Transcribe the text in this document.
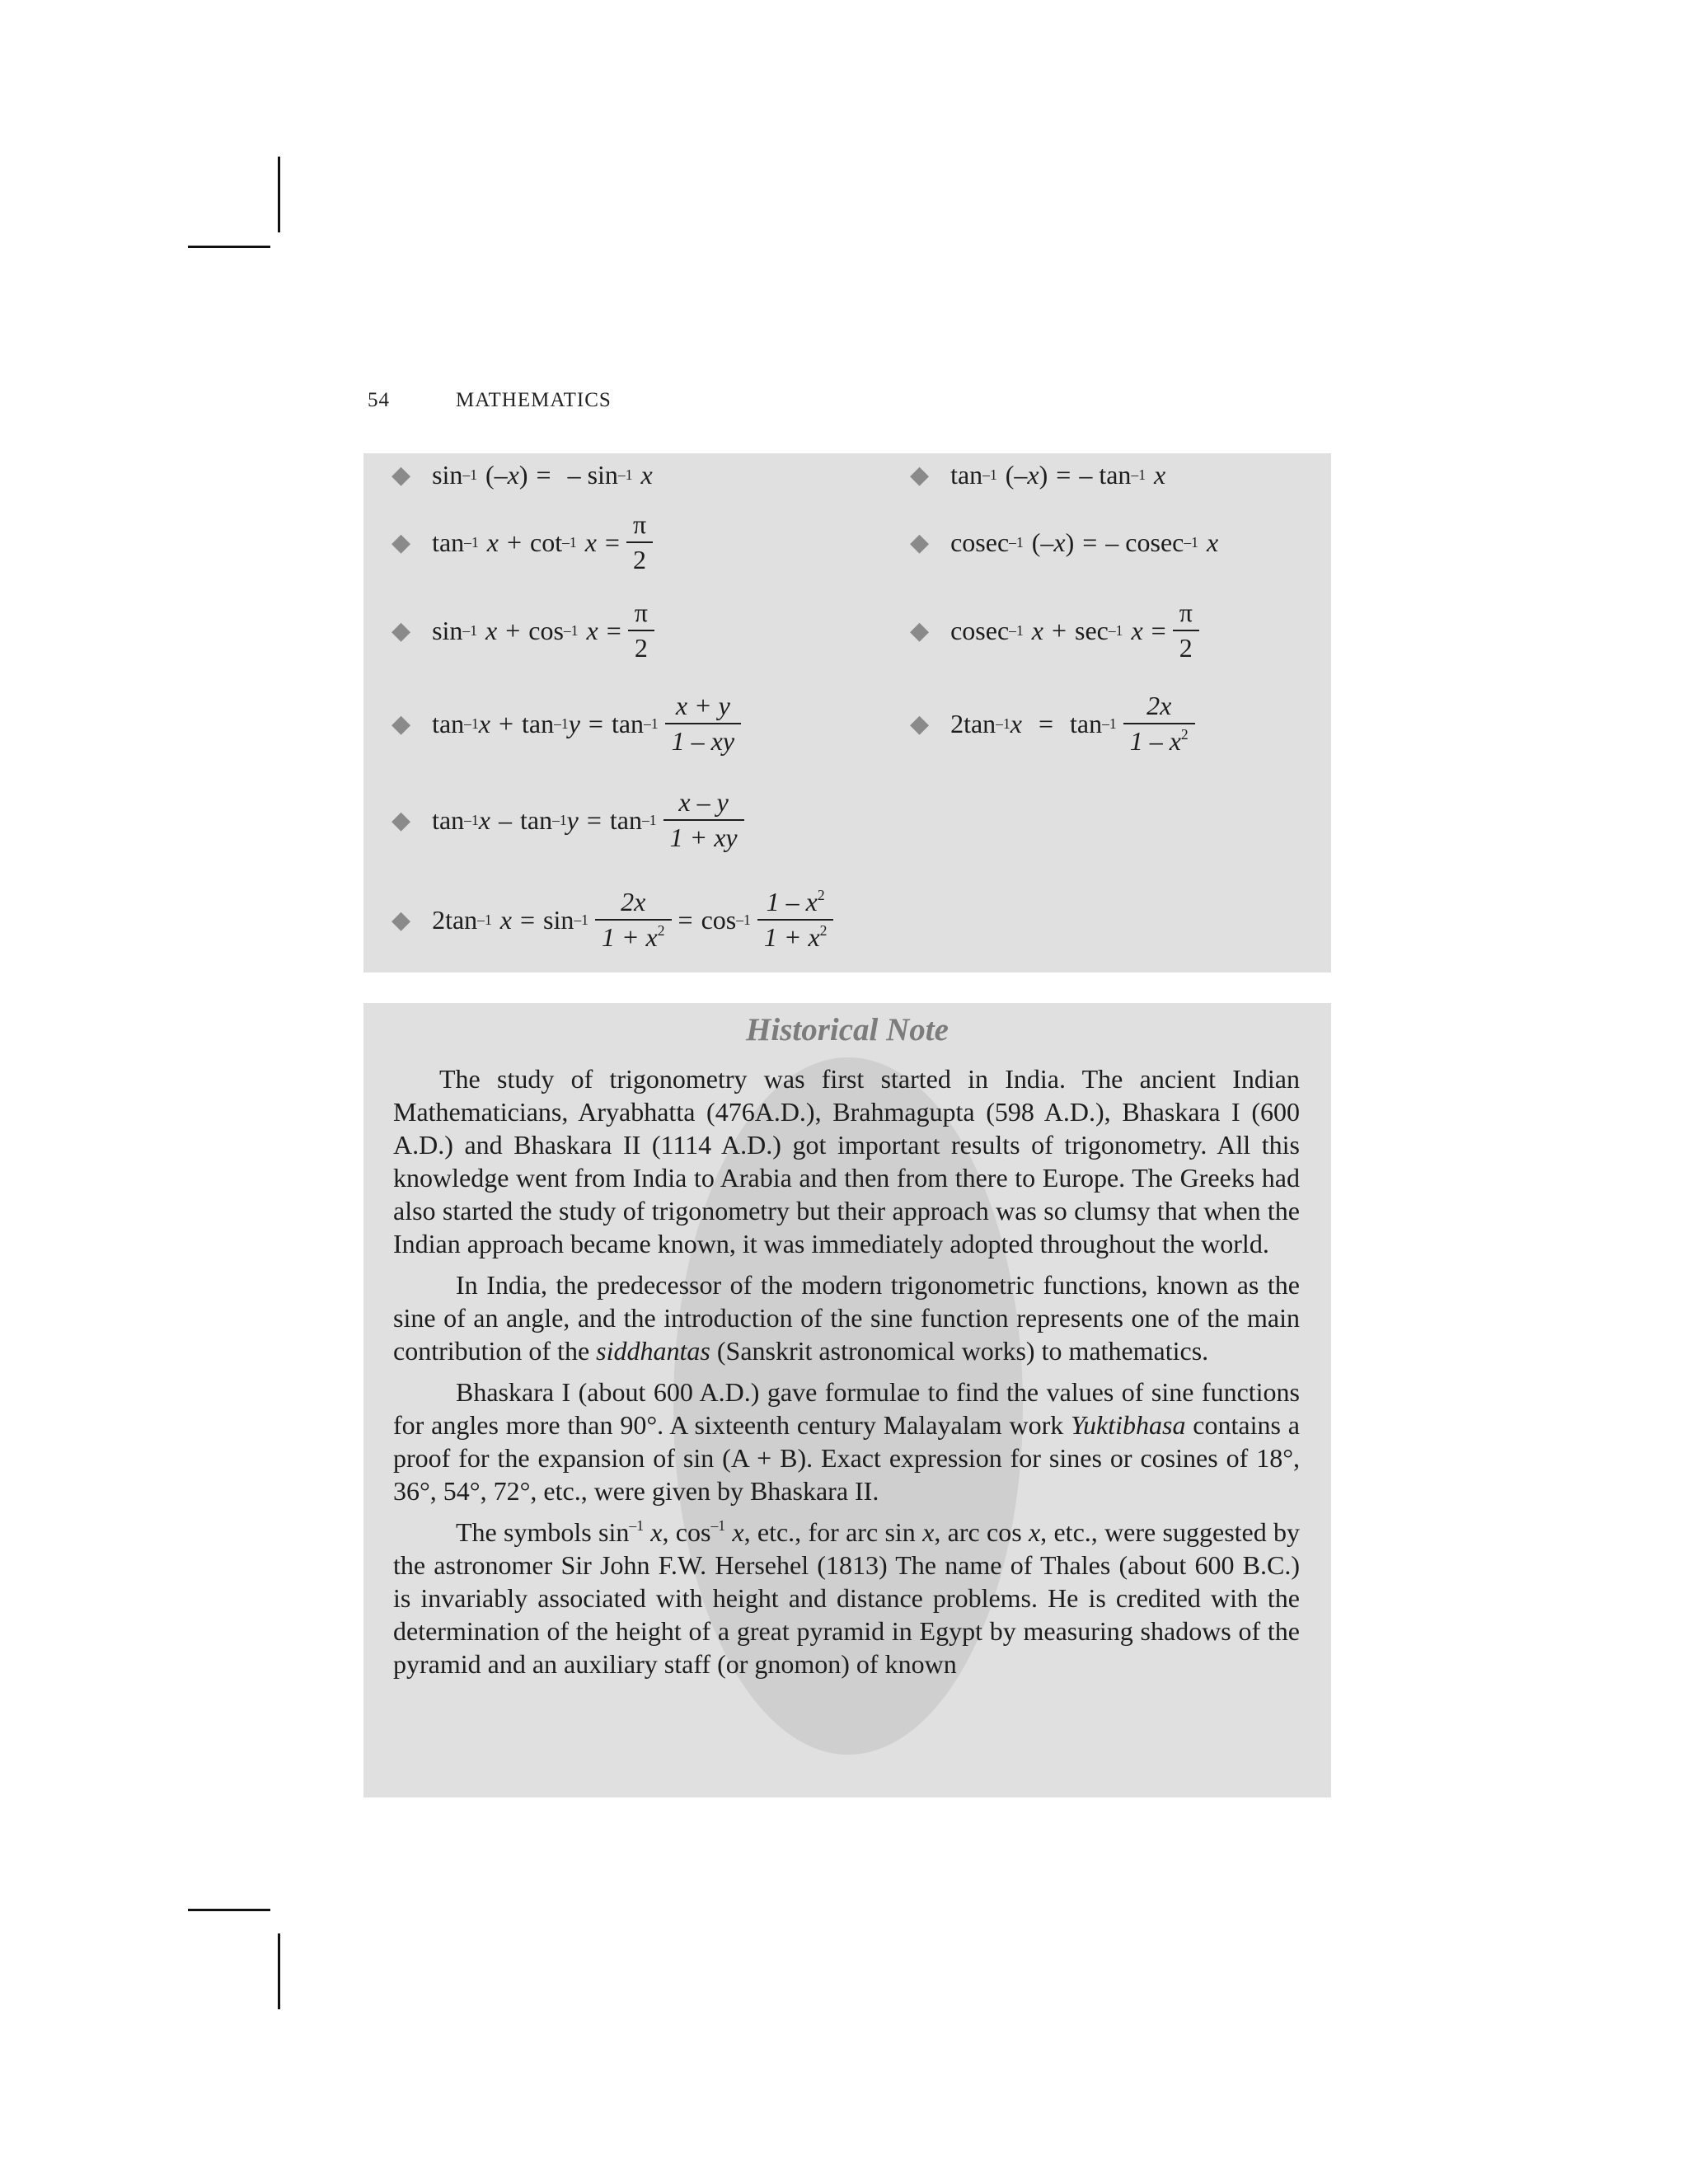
54	MATHEMATICS
◆ sin –1 (– x ) = – sin –1 x
◆ tan –1 x + cot –1 $x = \frac{\pi}{2}$
◆ sin –1 x + cos –1 $x = \frac{\pi}{2}$
◆ tan –1 x + tan –1 $y = \tan -1 \frac{x + y}{1 - xy}$
◆ tan –1 x – tan –1 $y = \tan -1 \frac{x - y}{1 + xy}$
◆ 2tan –1 $x = \sin -1 \frac{2x}{1 + x^2} = \cos -1 \frac{1 - x^2}{1 + x^2}$
◆ tan –1 (– x ) = – tan –1 x
◆ cosec –1 (– x ) = – cosec –1 x
◆ cosec –1 x + sec –1 $x = \frac{\pi}{2}$
◆ 2tan –1 $x = \tan -1 \frac{2x}{1 - x^2}$
Historical Note

The study of trigonometry was first started in India. The ancient Indian Mathematicians, Aryabhatta (476A.D.), Brahmagupta (598 A.D.), Bhaskara I (600 A.D.) and Bhaskara II (1114 A.D.) got important results of trigonometry. All this knowledge went from India to Arabia and then from there to Europe. The Greeks had also started the study of trigonometry but their approach was so clumsy that when the Indian approach became known, it was immediately adopted throughout the world.

In India, the predecessor of the modern trigonometric functions, known as the sine of an angle, and the introduction of the sine function represents one of the main contribution of the siddhantas (Sanskrit astronomical works) to mathematics.

Bhaskara I (about 600 A.D.) gave formulae to find the values of sine functions for angles more than 90°. A sixteenth century Malayalam work Yuktibhasa contains a proof for the expansion of sin (A + B). Exact expression for sines or cosines of 18°, 36°, 54°, 72°, etc., were given by Bhaskara II.

The symbols $\sin^{-1} x$, $\cos^{-1} x$, etc., for arc sin x, arc cos x, etc., were suggested by the astronomer Sir John F.W. Hersehel (1813) The name of Thales (about 600 B.C.) is invariably associated with height and distance problems. He is credited with the determination of the height of a great pyramid in Egypt by measuring shadows of the pyramid and an auxiliary staff (or gnomon) of known
